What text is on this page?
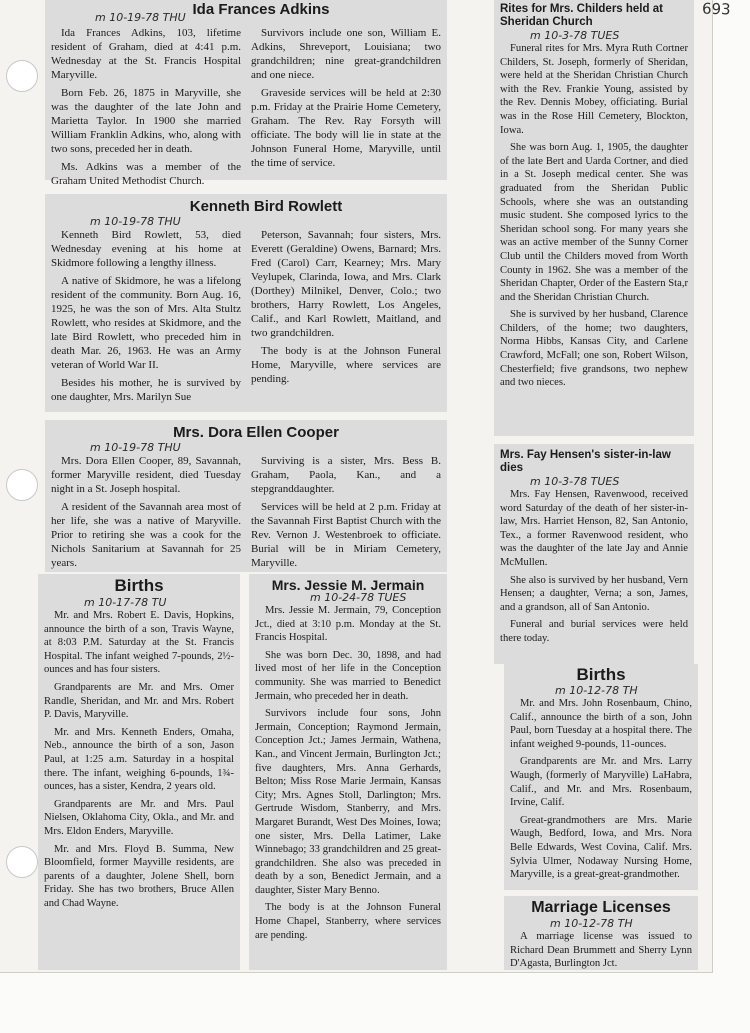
693
Ida Frances Adkins
m 10-19-78 THU

Ida Frances Adkins, 103, lifetime resident of Graham, died at 4:41 p.m. Wednesday at the St. Francis Hospital Maryville.

Born Feb. 26, 1875 in Maryville, she was the daughter of the late John and Marietta Taylor. In 1900 she married William Franklin Adkins, who, along with two sons, preceded her in death.

Ms. Adkins was a member of the Graham United Methodist Church.

Survivors include one son, William E. Adkins, Shreveport, Louisiana; two grandchildren; nine great-grandchildren and one niece.

Graveside services will be held at 2:30 p.m. Friday at the Prairie Home Cemetery, Graham. The Rev. Ray Forsyth will officiate. The body will lie in state at the Johnson Funeral Home, Maryville, until the time of service.

Kenneth Bird Rowlett
m 10-19-78 THU

Kenneth Bird Rowlett, 53, died Wednesday evening at his home at Skidmore following a lengthy illness.

A native of Skidmore, he was a lifelong resident of the community. Born Aug. 16, 1925, he was the son of Mrs. Alta Stultz Rowlett, who resides at Skidmore, and the late Bird Rowlett, who preceded him in death Mar. 26, 1963. He was an Army veteran of World War II.

Besides his mother, he is survived by one daughter, Mrs. Marilyn Sue

Peterson, Savannah; four sisters, Mrs. Everett (Geraldine) Owens, Barnard; Mrs. Fred (Carol) Carr, Kearney; Mrs. Mary Veylupek, Clarinda, Iowa, and Mrs. Clark (Dorthey) Milnikel, Denver, Colo.; two brothers, Harry Rowlett, Los Angeles, Calif., and Karl Rowlett, Maitland, and two grandchildren.

The body is at the Johnson Funeral Home, Maryville, where services are pending.

Mrs. Dora Ellen Cooper
m 10-19-78 THU

Mrs. Dora Ellen Cooper, 89, Savannah, former Maryville resident, died Tuesday night in a St. Joseph hospital.

A resident of the Savannah area most of her life, she was a native of Maryville. Prior to retiring she was a cook for the Nichols Sanitarium at Savannah for 25 years.

Surviving is a sister, Mrs. Bess B. Graham, Paola, Kan., and a stepgranddaughter.

Services will be held at 2 p.m. Friday at the Savannah First Baptist Church with the Rev. Vernon J. Westenbroek to officiate. Burial will be in Miriam Cemetery, Maryville.

Births
m 10-17-78 TU

Mr. and Mrs. Robert E. Davis, Hopkins, announce the birth of a son, Travis Wayne, at 8:03 P.M. Saturday at the St. Francis Hospital. The infant weighed 7-pounds, 2½-ounces and has four sisters.

Grandparents are Mr. and Mrs. Omer Randle, Sheridan, and Mr. and Mrs. Robert P. Davis, Maryville.

Mr. and Mrs. Kenneth Enders, Omaha, Neb., announce the birth of a son, Jason Paul, at 1:25 a.m. Saturday in a hospital there. The infant, weighing 6-pounds, 1¾-ounces, has a sister, Kendra, 2 years old.

Grandparents are Mr. and Mrs. Paul Nielsen, Oklahoma City, Okla., and Mr. and Mrs. Eldon Enders, Maryville.

Mr. and Mrs. Floyd B. Summa, New Bloomfield, former Mayville residents, are parents of a daughter, Jolene Shell, born Friday. She has two brothers, Bruce Allen and Chad Wayne.

Mrs. Jessie M. Jermain
m 10-24-78 TUES

Mrs. Jessie M. Jermain, 79, Conception Jct., died at 3:10 p.m. Monday at the St. Francis Hospital.

She was born Dec. 30, 1898, and had lived most of her life in the Conception community. She was married to Benedict Jermain, who preceded her in death.

Survivors include four sons, John Jermain, Conception; Raymond Jermain, Conception Jct.; James Jermain, Wathena, Kan., and Vincent Jermain, Burlington Jct.; five daughters, Mrs. Anna Gerhards, Belton; Miss Rose Marie Jermain, Kansas City; Mrs. Agnes Stoll, Darlington; Mrs. Gertrude Wisdom, Stanberry, and Mrs. Margaret Burandt, West Des Moines, Iowa; one sister, Mrs. Della Latimer, Lake Winnebago; 33 grandchildren and 25 great-grandchildren. She also was preceded in death by a son, Benedict Jermain, and a daughter, Sister Mary Benno.

The body is at the Johnson Funeral Home Chapel, Stanberry, where services are pending.

Rites for Mrs. Childers held at Sheridan Church
m 10-3-78 TUES

Funeral rites for Mrs. Myra Ruth Cortner Childers, St. Joseph, formerly of Sheridan, were held at the Sheridan Christian Church with the Rev. Frankie Young, assisted by the Rev. Dennis Mobey, officiating. Burial was in the Rose Hill Cemetery, Blockton, Iowa.

She was born Aug. 1, 1905, the daughter of the late Bert and Uarda Cortner, and died in a St. Joseph medical center. She was graduated from the Sheridan Public Schools, where she was an outstanding music student. She composed lyrics to the Sheridan school song. For many years she was an active member of the Sunny Corner Club until the Childers moved from Worth County in 1962. She was a member of the Sheridan Chapter, Order of the Eastern Sta,r and the Sheridan Christian Church.

She is survived by her husband, Clarence Childers, of the home; two daughters, Norma Hibbs, Kansas City, and Carlene Crawford, McFall; one son, Robert Wilson, Chesterfield; five grandsons, two nephew and two nieces.

Mrs. Fay Hensen's sister-in-law dies
m 10-3-78 TUES

Mrs. Fay Hensen, Ravenwood, received word Saturday of the death of her sister-in-law, Mrs. Harriet Henson, 82, San Antonio, Tex., a former Ravenwood resident, who was the daughter of the late Jay and Annie McMullen.

She also is survived by her husband, Vern Hensen; a daughter, Verna; a son, James, and a grandson, all of San Antonio.

Funeral and burial services were held there today.

Births
m 10-12-78 TH

Mr. and Mrs. John Rosenbaum, Chino, Calif., announce the birth of a son, John Paul, born Tuesday at a hospital there. The infant weighed 9-pounds, 11-ounces.

Grandparents are Mr. and Mrs. Larry Waugh, (formerly of Maryville) LaHabra, Calif., and Mr. and Mrs. Rosenbaum, Irvine, Calif.

Great-grandmothers are Mrs. Marie Waugh, Bedford, Iowa, and Mrs. Nora Belle Edwards, West Covina, Calif. Mrs. Sylvia Ulmer, Nodaway Nursing Home, Maryville, is a great-great-grandmother.

Marriage Licenses
m 10-12-78 TH

A marriage license was issued to Richard Dean Brummett and Sherry Lynn D'Agasta, Burlington Jct.
